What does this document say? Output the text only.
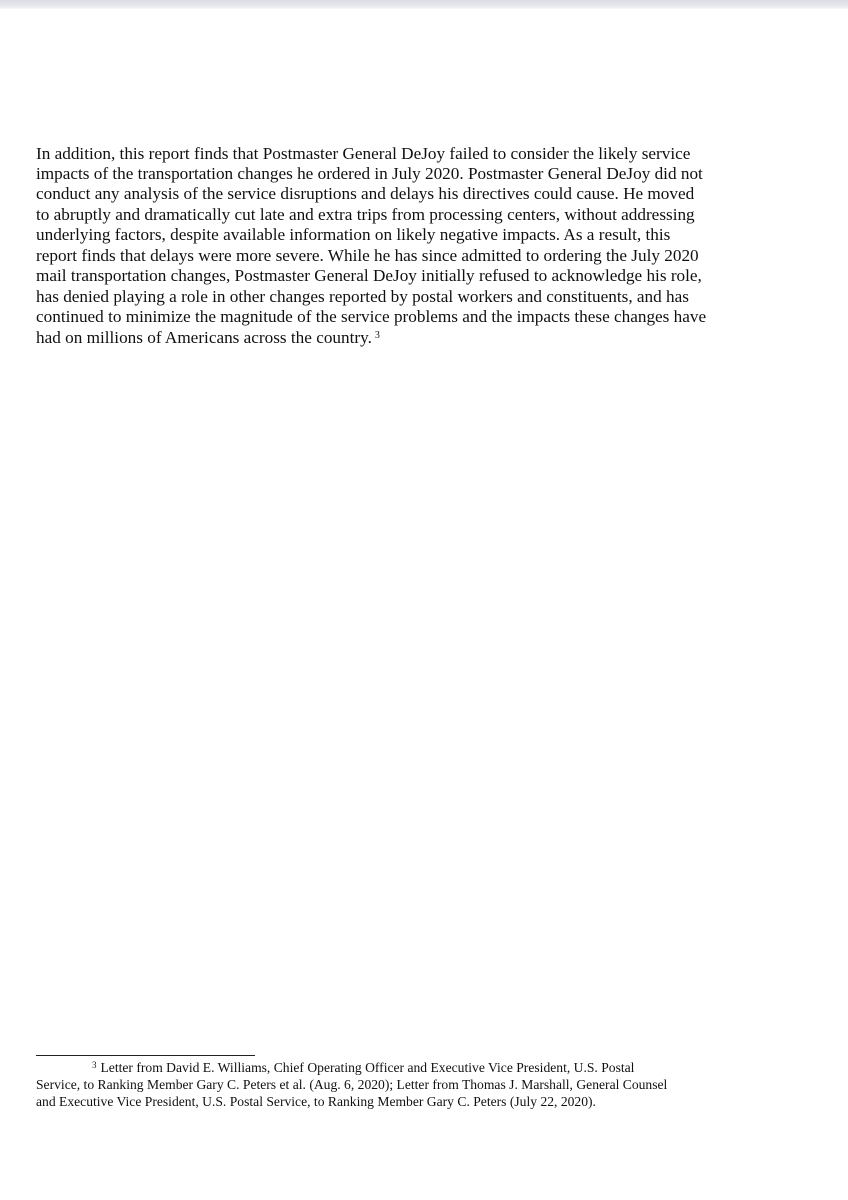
In addition, this report finds that Postmaster General DeJoy failed to consider the likely service

impacts of the transportation changes he ordered in July 2020. Postmaster General DeJoy did not

conduct any analysis of the service disruptions and delays his directives could cause. He moved

to abruptly and dramatically cut late and extra trips from processing centers, without addressing

underlying factors, despite available information on likely negative impacts. As a result, this

report finds that delays were more severe. While he has since admitted to ordering the July 2020

mail transportation changes, Postmaster General DeJoy initially refused to acknowledge his role,

has denied playing a role in other changes reported by postal workers and constituents, and has

continued to minimize the magnitude of the service problems and the impacts these changes have

had on millions of Americans across the country. $^3$

$^3$ Letter from David E. Williams, Chief Operating Officer and Executive Vice President, U.S. Postal

Service, to Ranking Member Gary C. Peters et al. (Aug. 6, 2020); Letter from Thomas J. Marshall, General Counsel

and Executive Vice President, U.S. Postal Service, to Ranking Member Gary C. Peters (July 22, 2020).
